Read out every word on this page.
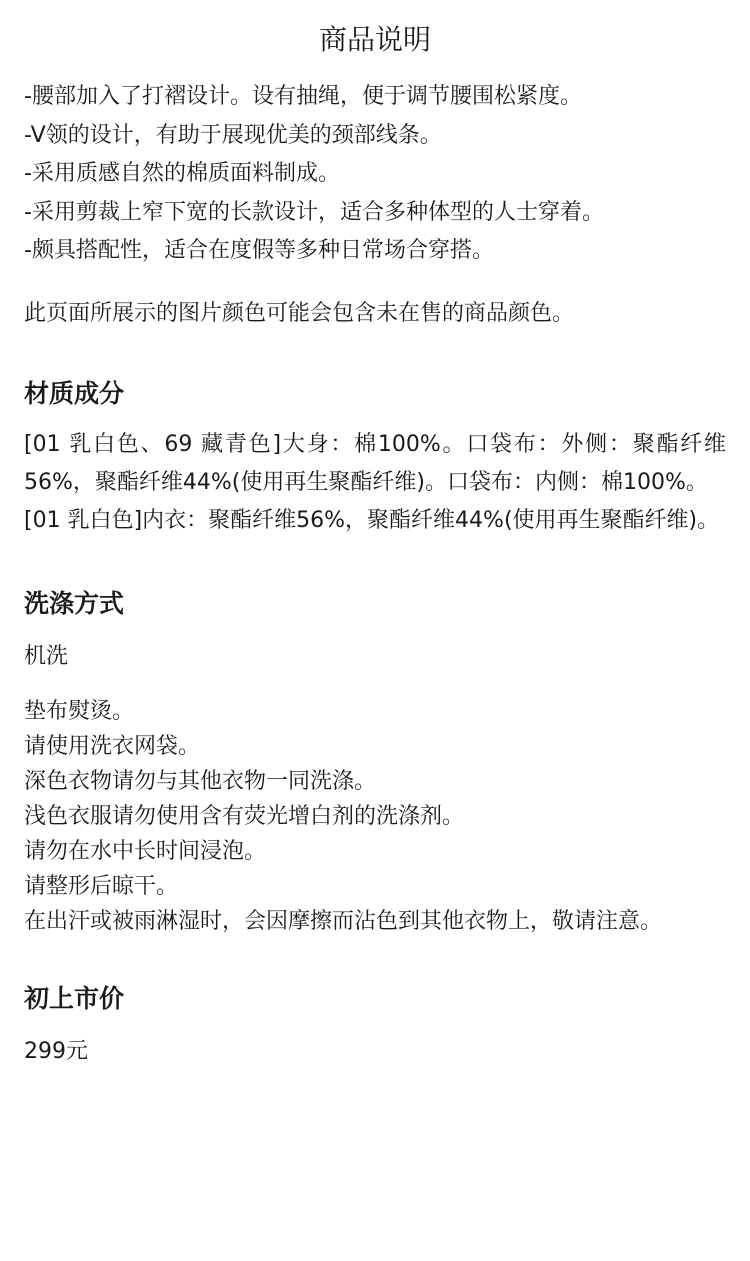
商品说明
-腰部加入了打褶设计。设有抽绳，便于调节腰围松紧度。
-V领的设计，有助于展现优美的颈部线条。
-采用质感自然的棉质面料制成。
-采用剪裁上窄下宽的长款设计，适合多种体型的人士穿着。
-颇具搭配性，适合在度假等多种日常场合穿搭。

此页面所展示的图片颜色可能会包含未在售的商品颜色。

材质成分

[01 乳白色、69 藏青色]大身：棉100%。口袋布：外侧：聚酯纤维56%，聚酯纤维44%(使用再生聚酯纤维)。口袋布：内侧：棉100%。

[01 乳白色]内衣：聚酯纤维56%，聚酯纤维44%(使用再生聚酯纤维)。

洗涤方式

机洗

垫布熨烫。
请使用洗衣网袋。
深色衣物请勿与其他衣物一同洗涤。
浅色衣服请勿使用含有荧光增白剂的洗涤剂。
请勿在水中长时间浸泡。
请整形后晾干。
在出汗或被雨淋湿时，会因摩擦而沾色到其他衣物上，敬请注意。
初上市价

299元
